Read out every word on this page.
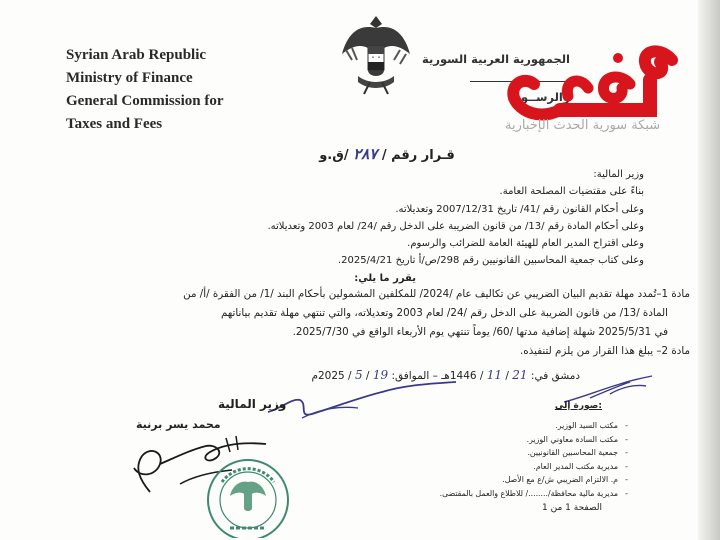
Syrian Arab Republic
Ministry of Finance
General Commission for
Taxes and Fees
الجمهورية العربية السورية
والرســوم
شبكة سورية الحدث الإخبارية
قـرار رقم / ٢٨٧ /ق.و
وزير المالية:
بناءً على مقتضيات المصلحة العامة.
وعلى أحكام القانون رقم /41/ تاريخ 2007/12/31 وتعديلاته.
وعلى أحكام المادة رقم /13/ من قانون الضريبة على الدخل رقم /24/ لعام 2003 وتعديلاته.
وعلى اقتراح المدير العام للهيئة العامة للضرائب والرسوم.
وعلى كتاب جمعية المحاسبين القانونيين رقم 298/ص/أ تاريخ 2025/4/21.
يقرر ما يلي:
مادة 1–تُمدد مهلة تقديم البيان الضريبي عن تكاليف عام /2024/ للمكلفين المشمولين بأحكام البند /1/ من الفقرة /أ/ من
المادة /13/ من قانون الضريبة على الدخل رقم /24/ لعام 2003 وتعديلاته، والتي تنتهي مهلة تقديم بياناتهم
في 2025/5/31 شهلة إضافية مدتها /60/ يوماً تنتهي يوم الأربعاء الواقع في 2025/7/30.
مادة 2– يبلغ هذا القرار من يلزم لتنفيذه.
دمشق في: 21 / 11 / 1446هـ – الموافق: 19 / 5 / 2025م
وزير المالية
محمد يسر برنية
صورة إلى:
-مكتب السيد الوزير.
-مكتب السادة معاوني الوزير.
-جمعية المحاسبين القانونيين.
-مديرية مكتب المدير العام.
-م. الالتزام الضريبي ش/ع مع الأصل.
-مديرية مالية محافظة/......../ للاطلاع والعمل بالمقتضى.
الصفحة 1 من 1
